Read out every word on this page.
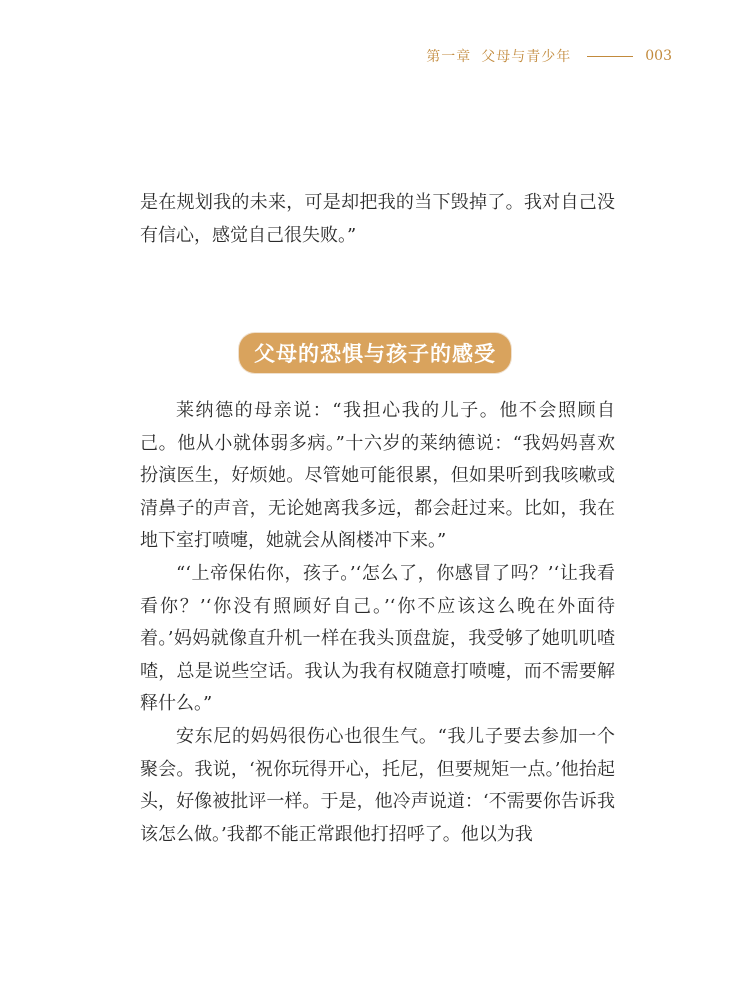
第一章 父母与青少年	003

是在规划我的未来，可是却把我的当下毁掉了。我对自己没有信心，感觉自己很失败。”

父母的恐惧与孩子的感受

莱纳德的母亲说：“我担心我的儿子。他不会照顾自己。他从小就体弱多病。”十六岁的莱纳德说：“我妈妈喜欢扮演医生，好烦她。尽管她可能很累，但如果听到我咳嗽或清鼻子的声音，无论她离我多远，都会赶过来。比如，我在地下室打喷嚏，她就会从阁楼冲下来。”

“‘上帝保佑你，孩子。’‘怎么了，你感冒了吗？’‘让我看看你？’‘你没有照顾好自己。’‘你不应该这么晚在外面待着。’妈妈就像直升机一样在我头顶盘旋，我受够了她叽叽喳喳，总是说些空话。我认为我有权随意打喷嚏，而不需要解释什么。”

安东尼的妈妈很伤心也很生气。“我儿子要去参加一个聚会。我说，‘祝你玩得开心，托尼，但要规矩一点。’他抬起头，好像被批评一样。于是，他冷声说道：‘不需要你告诉我该怎么做。’我都不能正常跟他打招呼了。他以为我
